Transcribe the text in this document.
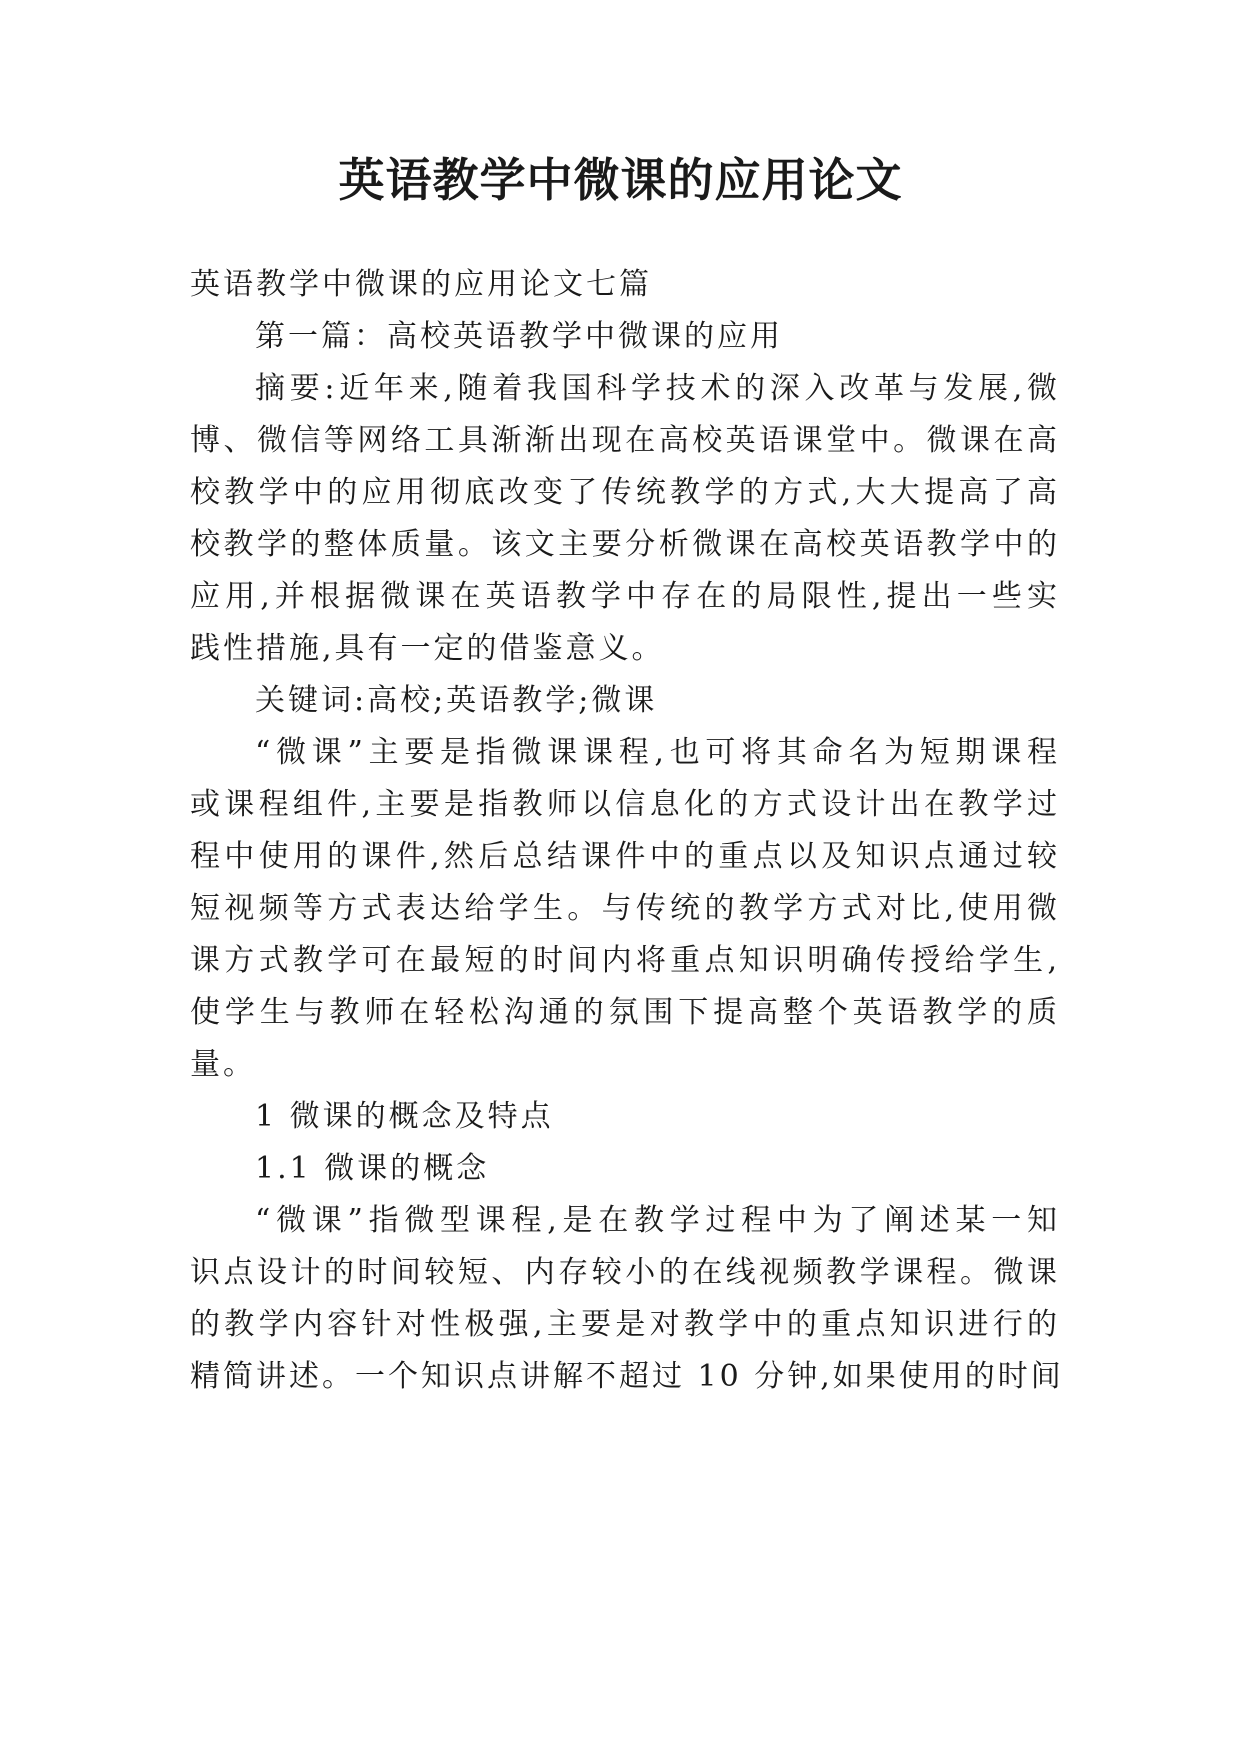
英语教学中微课的应用论文

英语教学中微课的应用论文七篇

第一篇：高校英语教学中微课的应用

摘要:近年来,随着我国科学技术的深入改革与发展,微

博、微信等网络工具渐渐出现在高校英语课堂中。微课在高

校教学中的应用彻底改变了传统教学的方式,大大提高了高

校教学的整体质量。该文主要分析微课在高校英语教学中的

应用,并根据微课在英语教学中存在的局限性,提出一些实

践性措施,具有一定的借鉴意义。

关键词:高校;英语教学;微课

“微课”主要是指微课课程,也可将其命名为短期课程

或课程组件,主要是指教师以信息化的方式设计出在教学过

程中使用的课件,然后总结课件中的重点以及知识点通过较

短视频等方式表达给学生。与传统的教学方式对比,使用微

课方式教学可在最短的时间内将重点知识明确传授给学生,

使学生与教师在轻松沟通的氛围下提高整个英语教学的质

量。

1 微课的概念及特点

1.1 微课的概念

“微课”指微型课程,是在教学过程中为了阐述某一知

识点设计的时间较短、内存较小的在线视频教学课程。微课

的教学内容针对性极强,主要是对教学中的重点知识进行的

精简讲述。一个知识点讲解不超过 10 分钟,如果使用的时间
